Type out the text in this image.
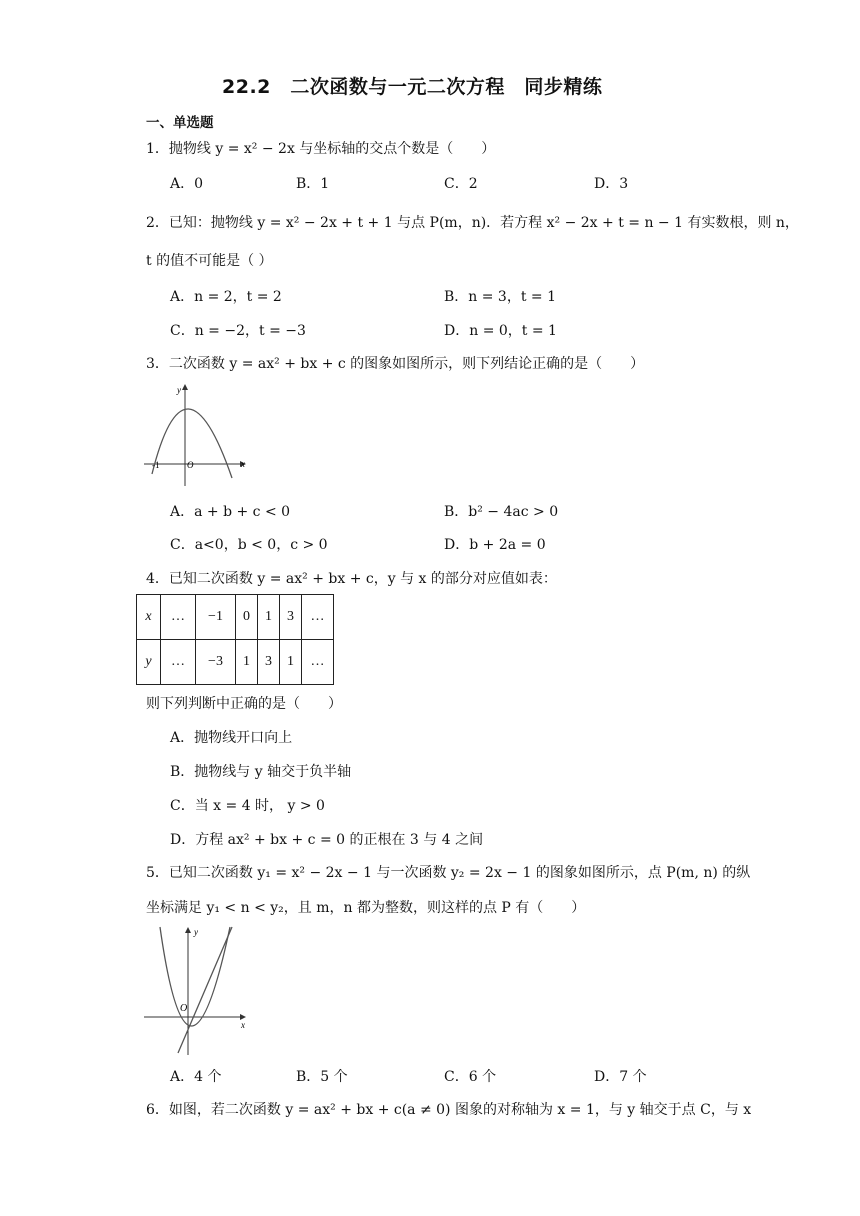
22.2　二次函数与一元二次方程　同步精练
一、单选题
1．抛物线 y = x² − 2x 与坐标轴的交点个数是（　　）
A．0	B．1	C．2	D．3
2．已知：抛物线 y = x² − 2x + t + 1 与点 P(m，n)．若方程 x² − 2x + t = n − 1 有实数根，则 n，
t 的值不可能是（ ）
A．n = 2，t = 2	B．n = 3，t = 1
C．n = −2，t = −3	D．n = 0，t = 1
3．二次函数 y = ax² + bx + c 的图象如图所示，则下列结论正确的是（　　）
y
x
O
-1
A．a + b + c < 0	B．b² − 4ac > 0
C．a<0，b < 0，c > 0	D．b + 2a = 0
4．已知二次函数 y = ax² + bx + c，y 与 x 的部分对应值如表：
x	…	−1	0	1	3	…
y	…	−3	1	3	1	…
则下列判断中正确的是（　　）
A．抛物线开口向上
B．抛物线与 y 轴交于负半轴
C．当 x = 4 时， y > 0
D．方程 ax² + bx + c = 0 的正根在 3 与 4 之间
5．已知二次函数 y₁ = x² − 2x − 1 与一次函数 y₂ = 2x − 1 的图象如图所示，点 P(m, n) 的纵
坐标满足 y₁ < n < y₂，且 m，n 都为整数，则这样的点 P 有（　　）
y
x
O
A．4 个	B．5 个	C．6 个	D．7 个
6．如图，若二次函数 y = ax² + bx + c(a ≠ 0) 图象的对称轴为 x = 1，与 y 轴交于点 C，与 x
